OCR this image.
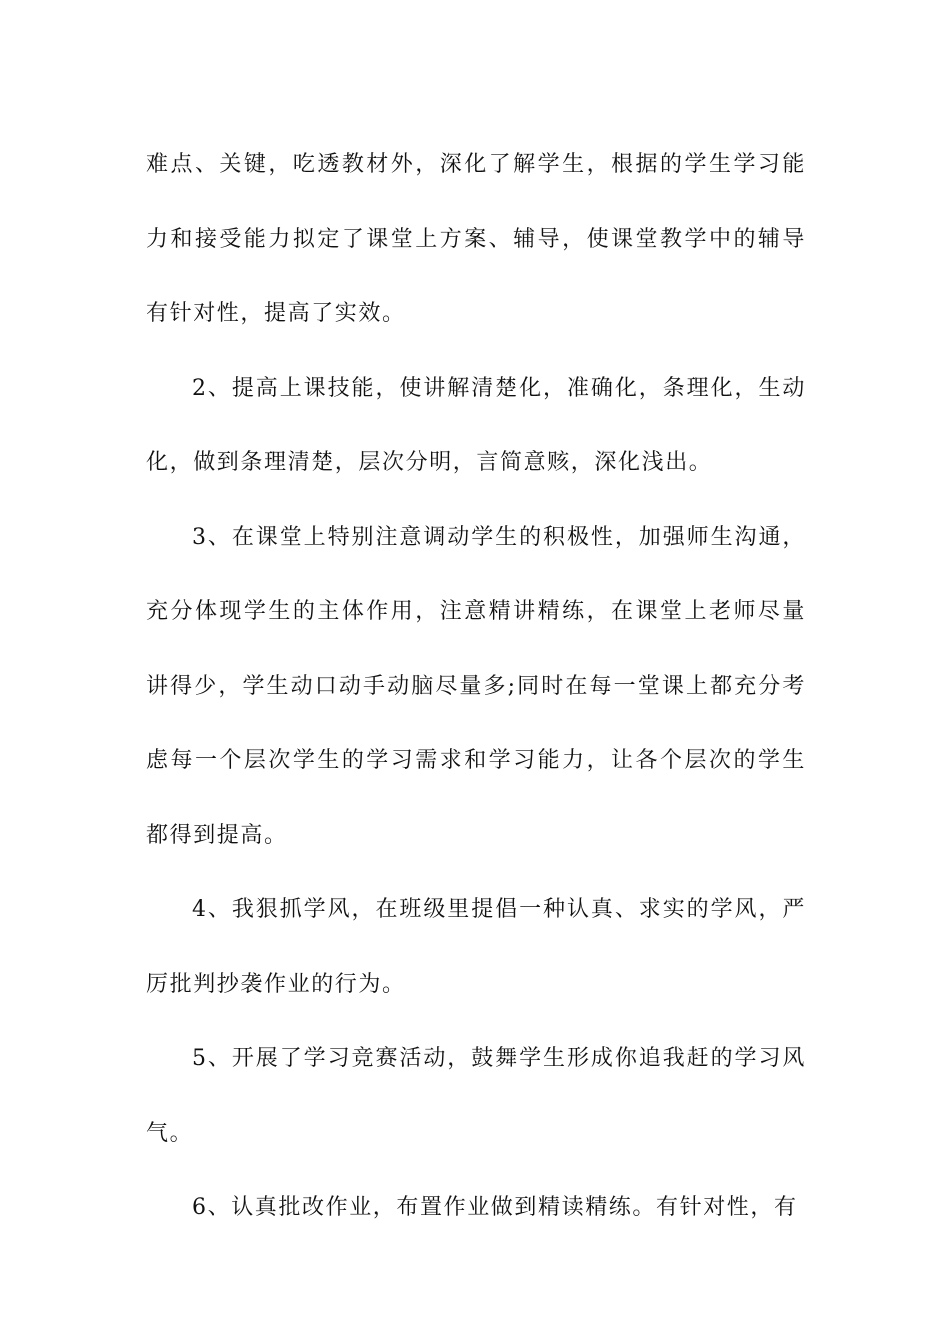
难点、关键，吃透教材外，深化了解学生，根据的学生学习能力和接受能力拟定了课堂上方案、辅导，使课堂教学中的辅导有针对性，提高了实效。

2、提高上课技能，使讲解清楚化，准确化，条理化，生动化，做到条理清楚，层次分明，言简意赅，深化浅出。

3、在课堂上特别注意调动学生的积极性，加强师生沟通，充分体现学生的主体作用，注意精讲精练，在课堂上老师尽量讲得少，学生动口动手动脑尽量多;同时在每一堂课上都充分考虑每一个层次学生的学习需求和学习能力，让各个层次的学生都得到提高。

4、我狠抓学风，在班级里提倡一种认真、求实的学风，严厉批判抄袭作业的行为。

5、开展了学习竞赛活动，鼓舞学生形成你追我赶的学习风气。

6、认真批改作业，布置作业做到精读精练。有针对性，有
